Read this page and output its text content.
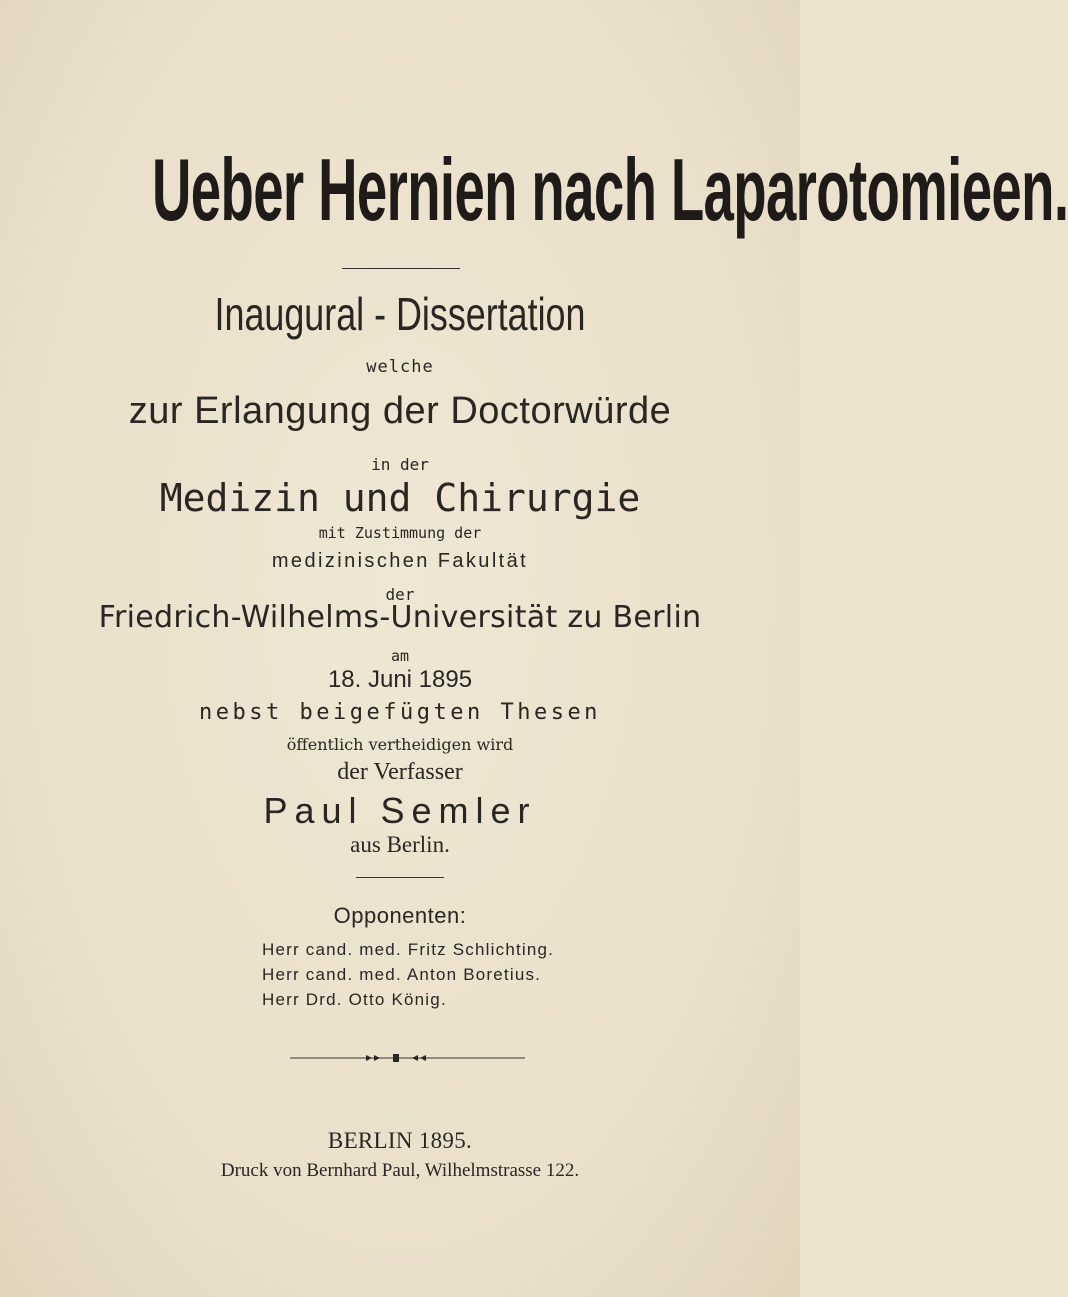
Ueber Hernien nach Laparotomieen.
Inaugural - Dissertation
welche
zur Erlangung der Doctorwürde
in der
Medizin und Chirurgie
mit Zustimmung der
medizinischen Fakultät
der
Friedrich-Wilhelms-Universität zu Berlin
am
18. Juni 1895
nebst beigefügten Thesen
öffentlich vertheidigen wird
der Verfasser
Paul Semler
aus Berlin.
Opponenten:
Herr cand. med. Fritz Schlichting.
Herr cand. med. Anton Boretius.
Herr Drd. Otto König.
BERLIN 1895.
Druck von Bernhard Paul, Wilhelmstrasse 122.
